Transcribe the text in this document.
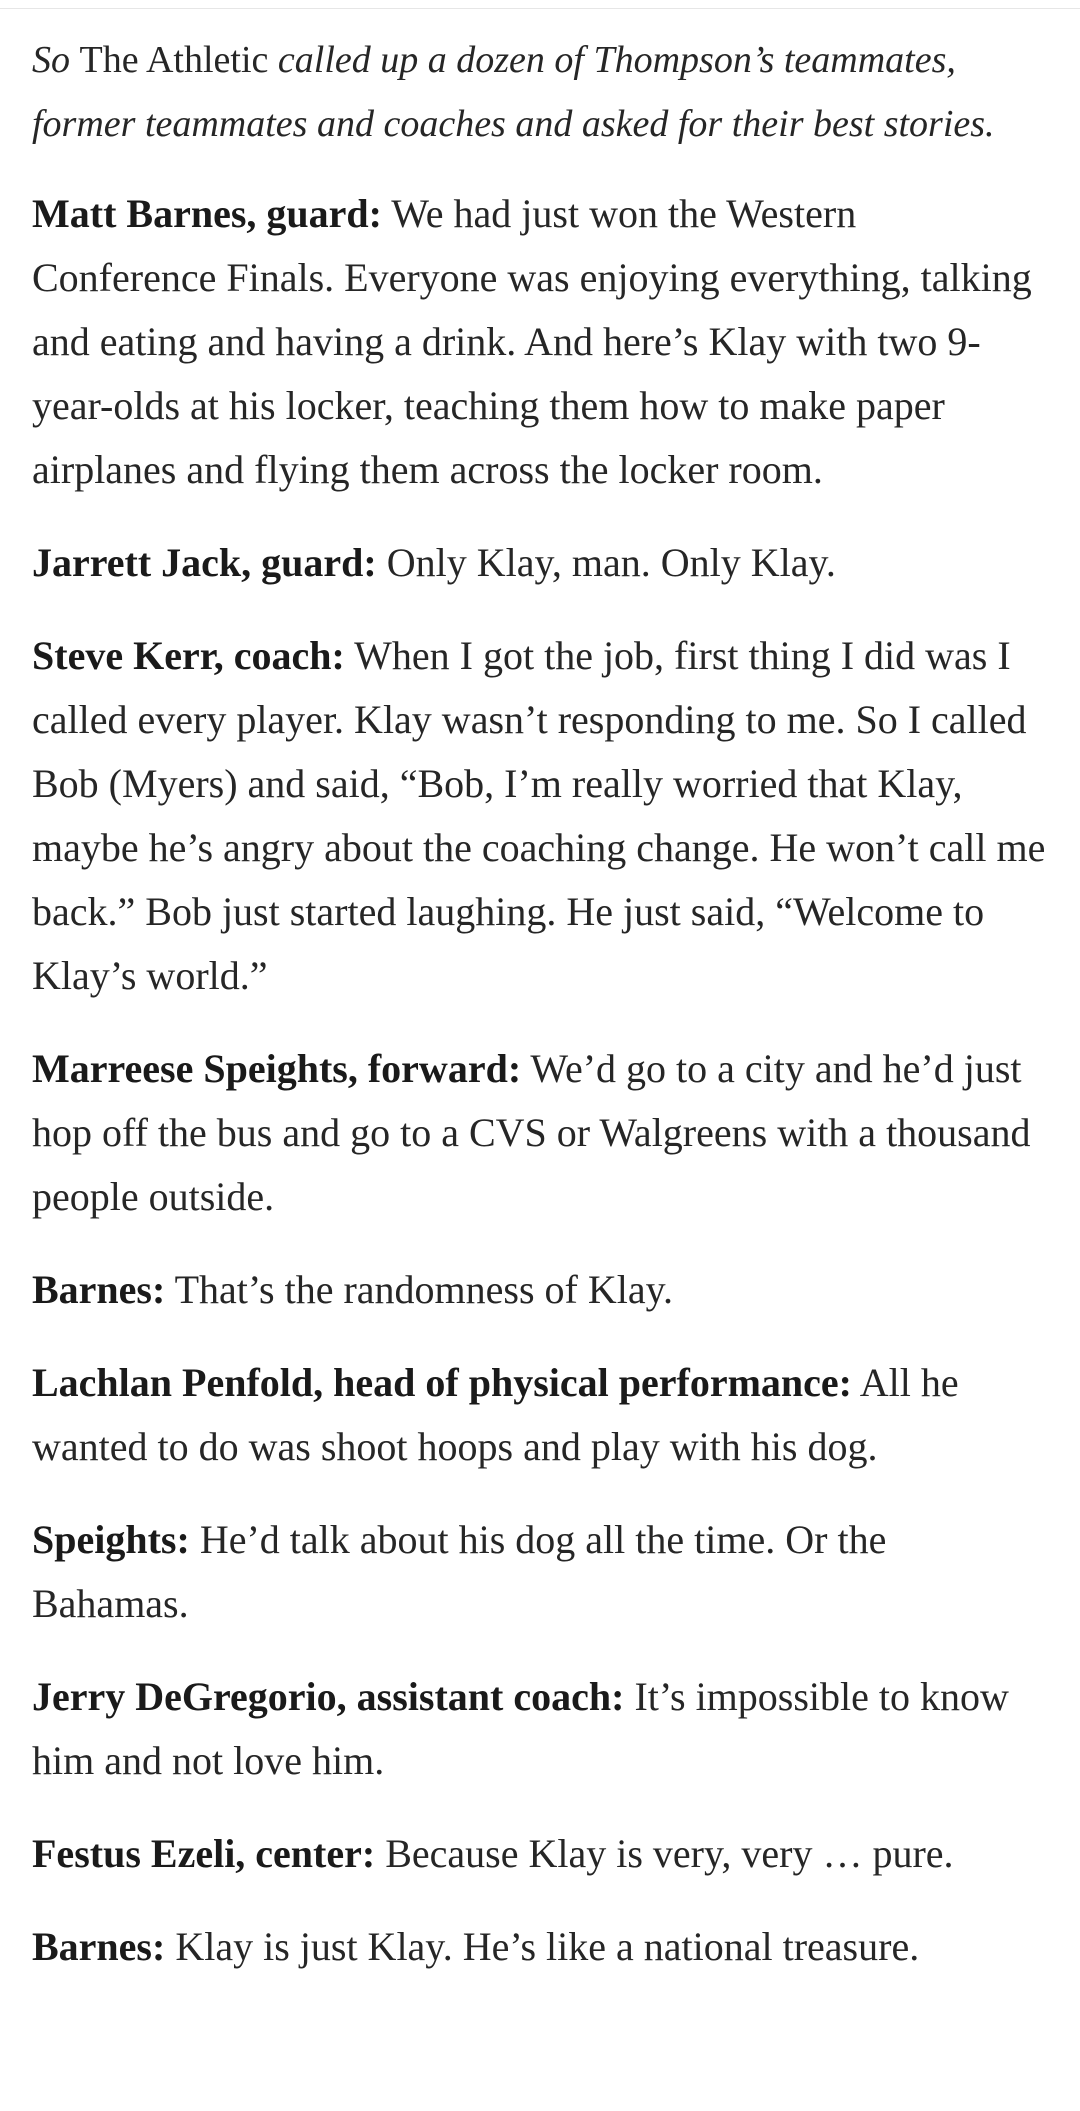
So The Athletic called up a dozen of Thompson’s teammates, former teammates and coaches and asked for their best stories.

Matt Barnes, guard: We had just won the Western Conference Finals. Everyone was enjoying everything, talking and eating and having a drink. And here’s Klay with two 9-year-olds at his locker, teaching them how to make paper airplanes and flying them across the locker room.

Jarrett Jack, guard: Only Klay, man. Only Klay.

Steve Kerr, coach: When I got the job, first thing I did was I called every player. Klay wasn’t responding to me. So I called Bob (Myers) and said, “Bob, I’m really worried that Klay, maybe he’s angry about the coaching change. He won’t call me back.” Bob just started laughing. He just said, “Welcome to Klay’s world.”

Marreese Speights, forward: We’d go to a city and he’d just hop off the bus and go to a CVS or Walgreens with a thousand people outside.

Barnes: That’s the randomness of Klay.

Lachlan Penfold, head of physical performance: All he wanted to do was shoot hoops and play with his dog.

Speights: He’d talk about his dog all the time. Or the Bahamas.

Jerry DeGregorio, assistant coach: It’s impossible to know him and not love him.

Festus Ezeli, center: Because Klay is very, very … pure.

Barnes: Klay is just Klay. He’s like a national treasure.
